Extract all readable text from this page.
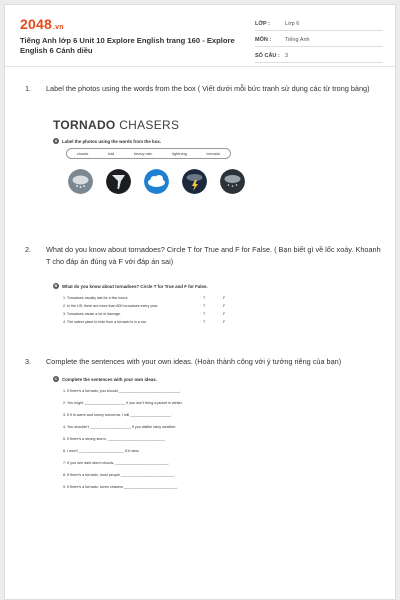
2048.vn
Tiếng Anh lớp 6 Unit 10 Explore English trang 160 - Explore English 6 Cánh diều
LỚP :	Lớp 6
MÔN :	Tiếng Anh
SỐ CÂU : 3
1. Label the photos using the words from the box ( Viết dưới mỗi bức tranh sử dụng các từ trong bảng)
TORNADO CHASERS
A	Label the photos using the words from the box.
clouds	hail	heavy rain	lightning	tornado
2. What do you know about tornadoes? Circle T for True and F for False. ( Bạn biết gì về lốc xoáy. Khoanh T cho đáp án đúng và F với đáp án sai)
B	What do you know about tornadoes? Circle T for True and F for False.
1. Tornadoes usually last for a few hours.	T	F
2. In the US, there are more than 800 tornadoes every year.	T	F
3. Tornadoes cause a lot of damage.	T	F
4. The safest place to hide from a tornado is in a car.	T	F
3. Complete the sentences with your own ideas. (Hoàn thành công với ý tưởng riêng của bạn)
C	Complete the sentences with your own ideas.
1. If there's a tornado, you should ______________________________.
2. You might ____________________ if you don't bring a jacket in winter.
3. If it is warm and sunny tomorrow, I will ____________________.
4. You shouldn't ____________________ if you dislike rainy weather.
5. If there's a strong storm, ____________________________.
6. I won't ______________________ if it rains.
7. If you see dark storm clouds, __________________________.
8. If there's a tornado, most people __________________________.
9. If there's a tornado, storm chasers __________________________.
